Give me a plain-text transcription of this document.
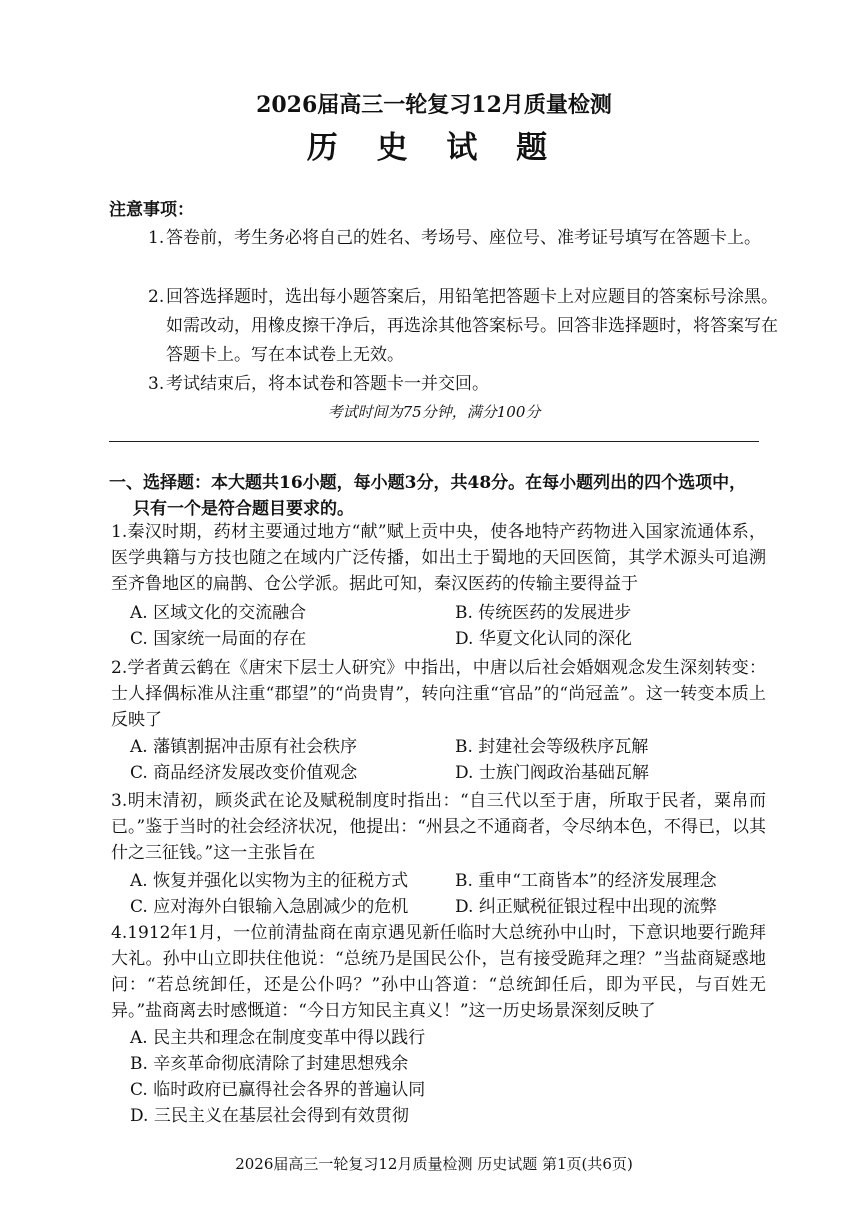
2026届高三一轮复习12月质量检测
历 史 试 题
注意事项：
1. 答卷前，考生务必将自己的姓名、考场号、座位号、准考证号填写在答题卡上。
2. 回答选择题时，选出每小题答案后，用铅笔把答题卡上对应题目的答案标号涂黑。如需改动，用橡皮擦干净后，再选涂其他答案标号。回答非选择题时，将答案写在答题卡上。写在本试卷上无效。
3. 考试结束后，将本试卷和答题卡一并交回。
考试时间为75分钟，满分100分
一、选择题：本大题共16小题，每小题3分，共48分。在每小题列出的四个选项中，
只有一个是符合题目要求的。
1.秦汉时期，药材主要通过地方“献”赋上贡中央，使各地特产药物进入国家流通体系，医学典籍与方技也随之在域内广泛传播，如出土于蜀地的天回医简，其学术源头可追溯至齐鲁地区的扁鹊、仓公学派。据此可知，秦汉医药的传输主要得益于
A. 区域文化的交流融合	B. 传统医药的发展进步
C. 国家统一局面的存在	D. 华夏文化认同的深化
2.学者黄云鹤在《唐宋下层士人研究》中指出，中唐以后社会婚姻观念发生深刻转变：士人择偶标准从注重“郡望”的“尚贵胄”，转向注重“官品”的“尚冠盖”。这一转变本质上反映了
A. 藩镇割据冲击原有社会秩序	B. 封建社会等级秩序瓦解
C. 商品经济发展改变价值观念	D. 士族门阀政治基础瓦解
3.明末清初，顾炎武在论及赋税制度时指出：“自三代以至于唐，所取于民者，粟帛而已。”鉴于当时的社会经济状况，他提出：“州县之不通商者，令尽纳本色，不得已，以其什之三征钱。”这一主张旨在
A. 恢复并强化以实物为主的征税方式	B. 重申“工商皆本”的经济发展理念
C. 应对海外白银输入急剧减少的危机	D. 纠正赋税征银过程中出现的流弊
4.1912年1月，一位前清盐商在南京遇见新任临时大总统孙中山时，下意识地要行跪拜大礼。孙中山立即扶住他说：“总统乃是国民公仆，岂有接受跪拜之理？”当盐商疑惑地问：“若总统卸任，还是公仆吗？”孙中山答道：“总统卸任后，即为平民，与百姓无异。”盐商离去时感慨道：“今日方知民主真义！”这一历史场景深刻反映了
A. 民主共和理念在制度变革中得以践行
B. 辛亥革命彻底清除了封建思想残余
C. 临时政府已赢得社会各界的普遍认同
D. 三民主义在基层社会得到有效贯彻
2026届高三一轮复习12月质量检测 历史试题 第1页(共6页)
